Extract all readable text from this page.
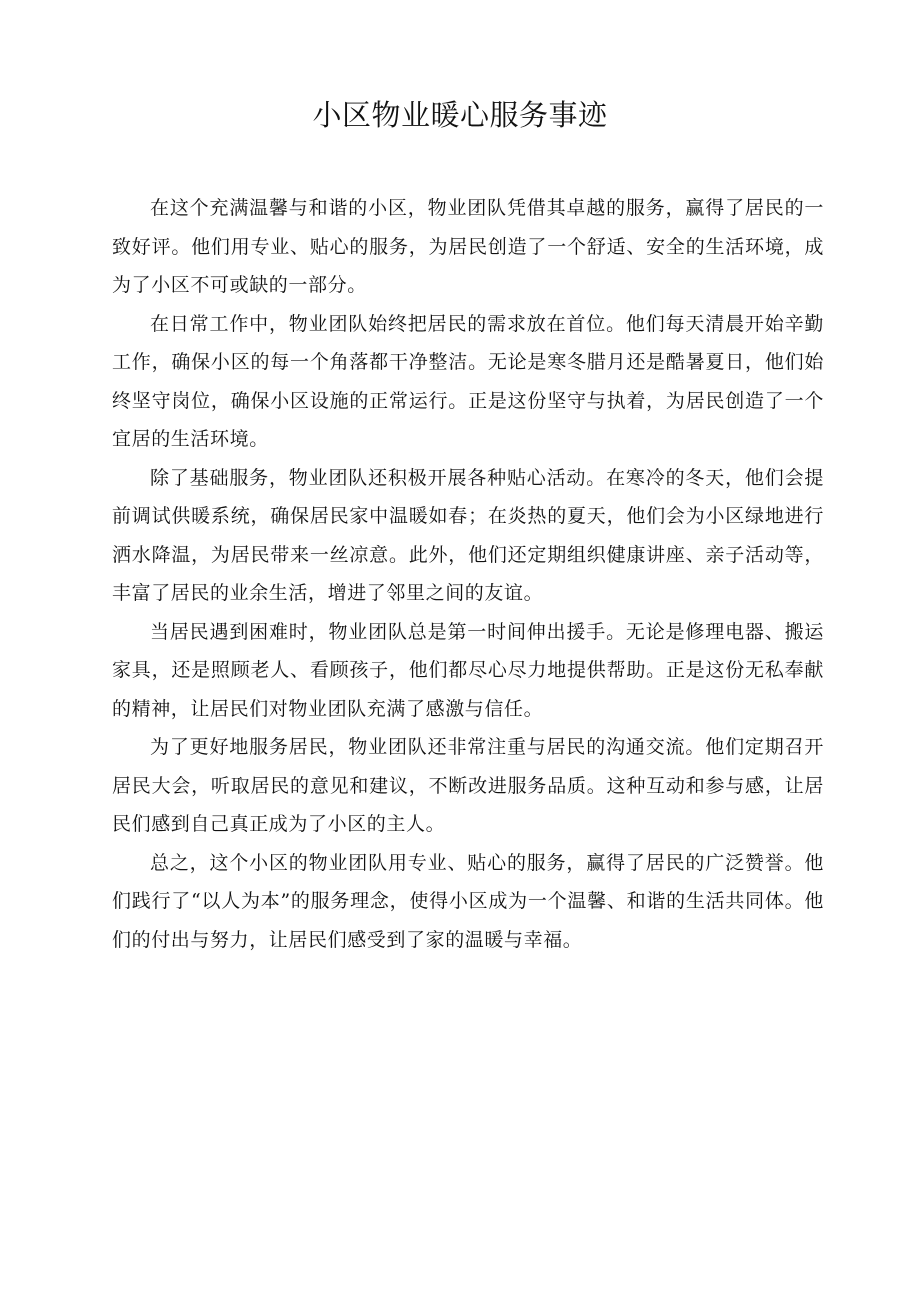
小区物业暖心服务事迹

在这个充满温馨与和谐的小区，物业团队凭借其卓越的服务，赢得了居民的一致好评。他们用专业、贴心的服务，为居民创造了一个舒适、安全的生活环境，成为了小区不可或缺的一部分。

在日常工作中，物业团队始终把居民的需求放在首位。他们每天清晨开始辛勤工作，确保小区的每一个角落都干净整洁。无论是寒冬腊月还是酷暑夏日，他们始终坚守岗位，确保小区设施的正常运行。正是这份坚守与执着，为居民创造了一个宜居的生活环境。

除了基础服务，物业团队还积极开展各种贴心活动。在寒冷的冬天，他们会提前调试供暖系统，确保居民家中温暖如春；在炎热的夏天，他们会为小区绿地进行洒水降温，为居民带来一丝凉意。此外，他们还定期组织健康讲座、亲子活动等，丰富了居民的业余生活，增进了邻里之间的友谊。

当居民遇到困难时，物业团队总是第一时间伸出援手。无论是修理电器、搬运家具，还是照顾老人、看顾孩子，他们都尽心尽力地提供帮助。正是这份无私奉献的精神，让居民们对物业团队充满了感激与信任。

为了更好地服务居民，物业团队还非常注重与居民的沟通交流。他们定期召开居民大会，听取居民的意见和建议，不断改进服务品质。这种互动和参与感，让居民们感到自己真正成为了小区的主人。

总之，这个小区的物业团队用专业、贴心的服务，赢得了居民的广泛赞誉。他们践行了“以人为本”的服务理念，使得小区成为一个温馨、和谐的生活共同体。他们的付出与努力，让居民们感受到了家的温暖与幸福。
